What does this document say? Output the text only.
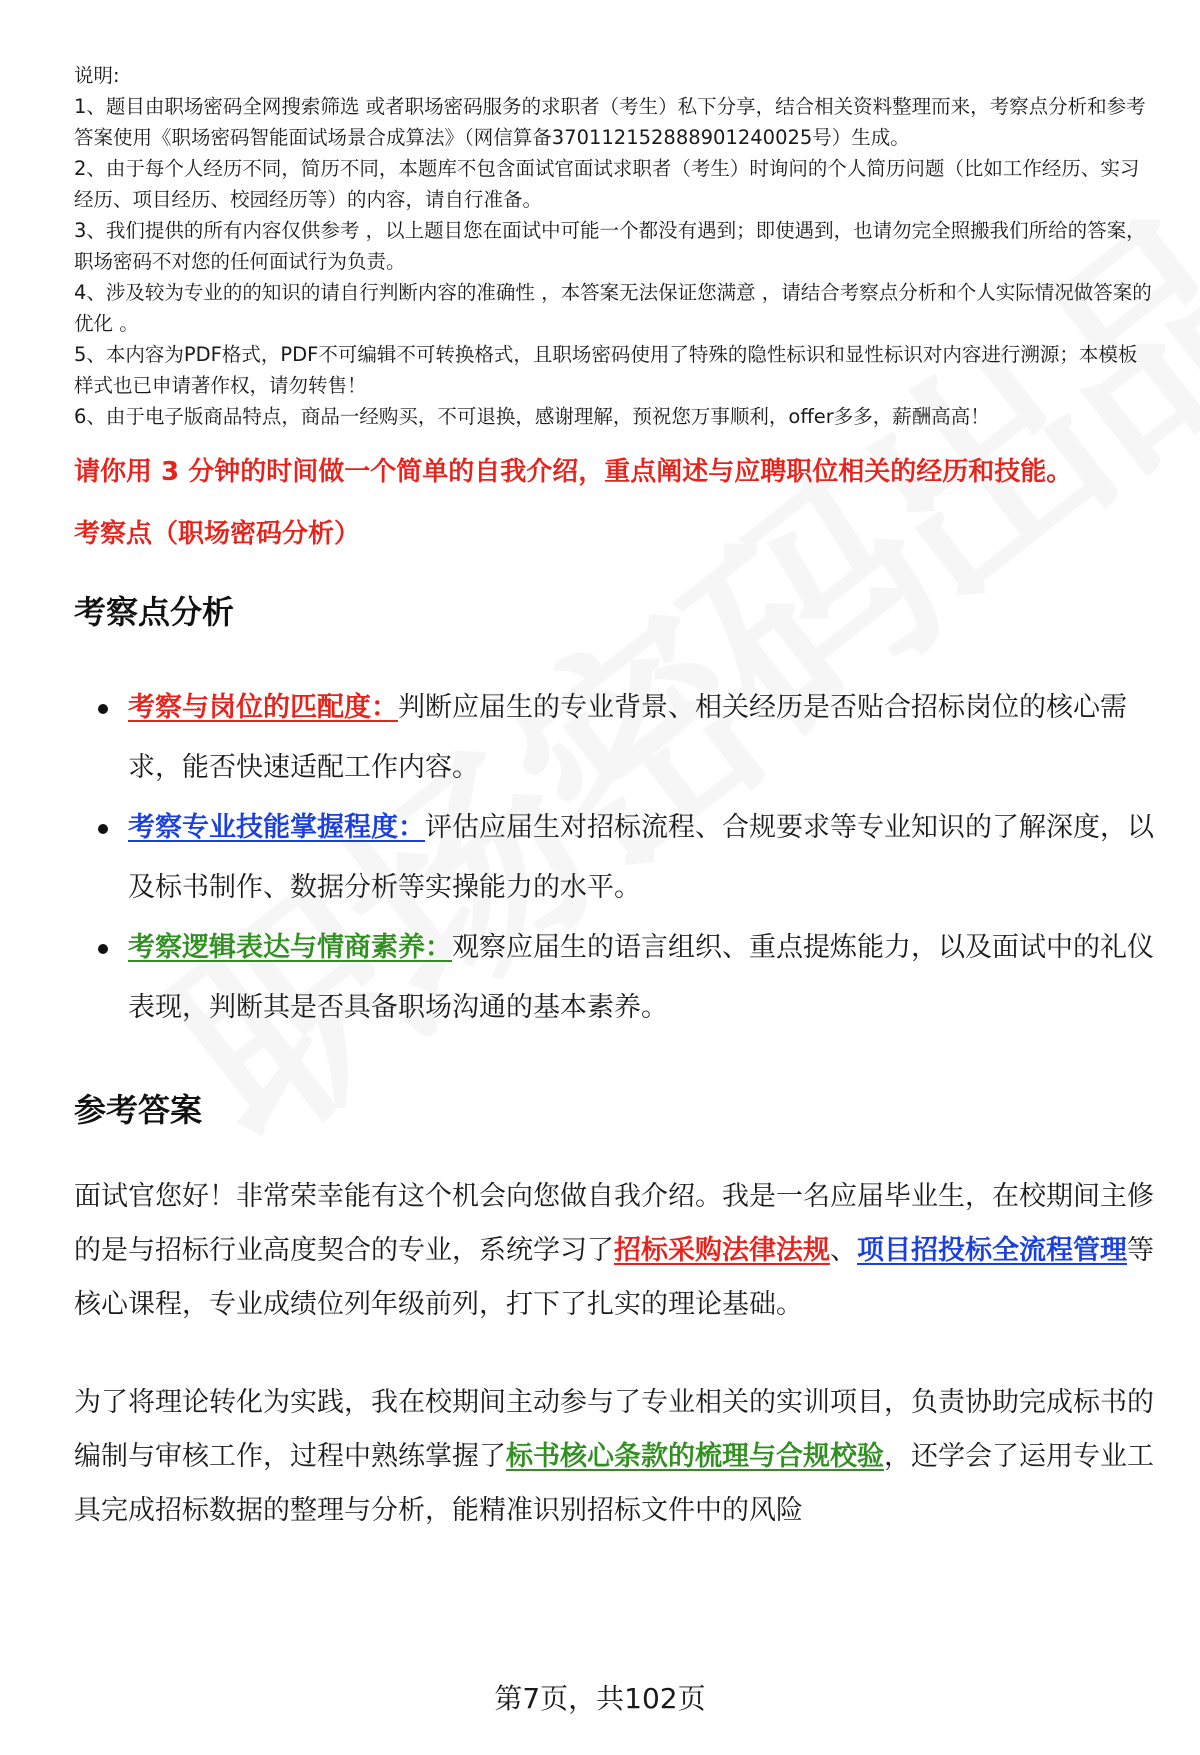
说明:

1、题目由职场密码全网搜索筛选 或者职场密码服务的求职者（考生）私下分享，结合相关资料整理而来，考察点分析和参考答案使用《职场密码智能面试场景合成算法》（网信算备370112152888901240025号）生成。

2、由于每个人经历不同，简历不同，本题库不包含面试官面试求职者（考生）时询问的个人简历问题（比如工作经历、实习经历、项目经历、校园经历等）的内容，请自行准备。

3、我们提供的所有内容仅供参考 ，以上题目您在面试中可能一个都没有遇到；即使遇到，也请勿完全照搬我们所给的答案，职场密码不对您的任何面试行为负责。

4、涉及较为专业的的知识的请自行判断内容的准确性 ，本答案无法保证您满意 ，请结合考察点分析和个人实际情况做答案的优化 。

5、本内容为PDF格式，PDF不可编辑不可转换格式，且职场密码使用了特殊的隐性标识和显性标识对内容进行溯源；本模板样式也已申请著作权，请勿转售！

6、由于电子版商品特点，商品一经购买，不可退换，感谢理解，预祝您万事顺利，offer多多，薪酬高高！

请你用 3 分钟的时间做一个简单的自我介绍，重点阐述与应聘职位相关的经历和技能。
考察点（职场密码分析）
考察点分析
考察与岗位的匹配度：判断应届生的专业背景、相关经历是否贴合招标岗位的核心需求，能否快速适配工作内容。
考察专业技能掌握程度：评估应届生对招标流程、合规要求等专业知识的了解深度，以及标书制作、数据分析等实操能力的水平。
考察逻辑表达与情商素养：观察应届生的语言组织、重点提炼能力，以及面试中的礼仪表现，判断其是否具备职场沟通的基本素养。
参考答案

面试官您好！非常荣幸能有这个机会向您做自我介绍。我是一名应届毕业生，在校期间主修的是与招标行业高度契合的专业，系统学习了招标采购法律法规、项目招投标全流程管理等核心课程，专业成绩位列年级前列，打下了扎实的理论基础。

为了将理论转化为实践，我在校期间主动参与了专业相关的实训项目，负责协助完成标书的编制与审核工作，过程中熟练掌握了标书核心条款的梳理与合规校验，还学会了运用专业工具完成招标数据的整理与分析，能精准识别招标文件中的风险

第7页，共102页
